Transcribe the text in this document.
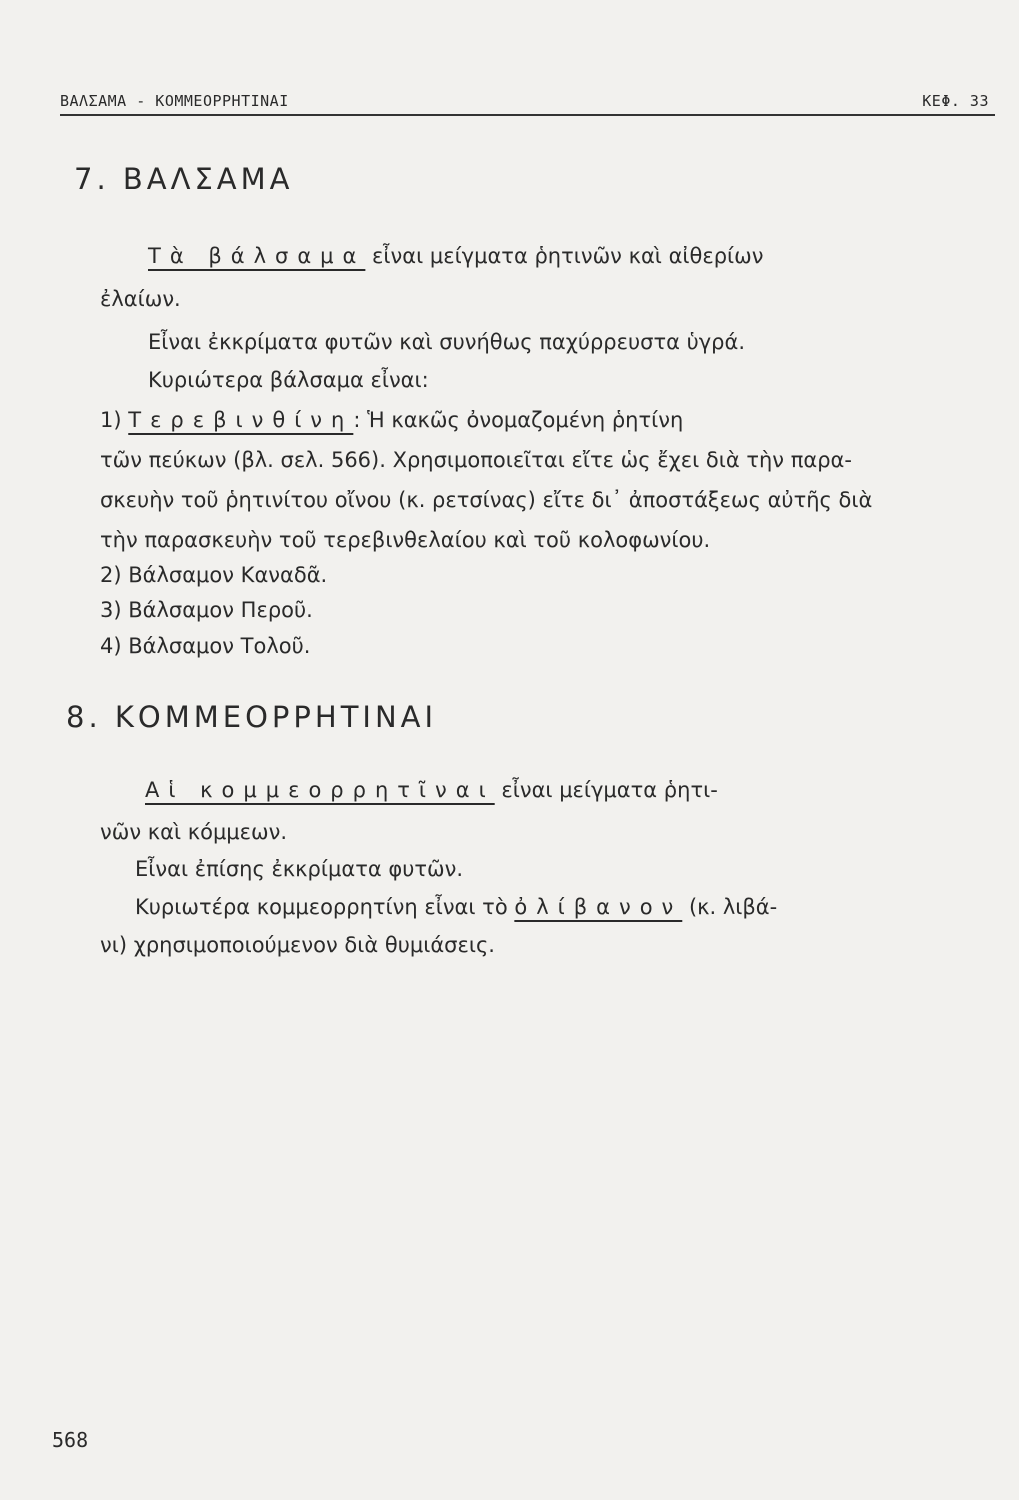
ΒΑΛΣΑΜΑ - ΚΟΜΜΕΟΡΡΗΤΙΝΑΙ	ΚΕΦ. 33
7. ΒΑΛΣΑΜΑ
Τὰ βάλσαμα εἶναι μείγματα ῥητινῶν καὶ αἰθερίων
ἐλαίων.
Εἶναι ἐκκρίματα φυτῶν καὶ συνήθως παχύρρευστα ὑγρά.
Κυριώτερα βάλσαμα εἶναι:
1) Τερεβινθίνη: Ἡ κακῶς ὀνομαζομένη ῥητίνη
τῶν πεύκων (βλ. σελ. 566). Χρησιμοποιεῖται εἴτε ὡς ἔχει διὰ τὴν παρα-
σκευὴν τοῦ ῥητινίτου οἴνου (κ. ρετσίνας) εἴτε δι᾽ ἀποστάξεως αὐτῆς διὰ
τὴν παρασκευὴν τοῦ τερεβινθελαίου καὶ τοῦ κολοφωνίου.
2) Βάλσαμον Καναδᾶ.
3) Βάλσαμον Περοῦ.
4) Βάλσαμον Τολοῦ.
8. ΚΟΜΜΕΟΡΡΗΤΙΝΑΙ
Αἱ κομμεορρητῖναι εἶναι μείγματα ῥητι-
νῶν καὶ κόμμεων.
Εἶναι ἐπίσης ἐκκρίματα φυτῶν.
Κυριωτέρα κομμεορρητίνη εἶναι τὸ ὀλίβανον (κ. λιβά-
νι) χρησιμοποιούμενον διὰ θυμιάσεις.
568
